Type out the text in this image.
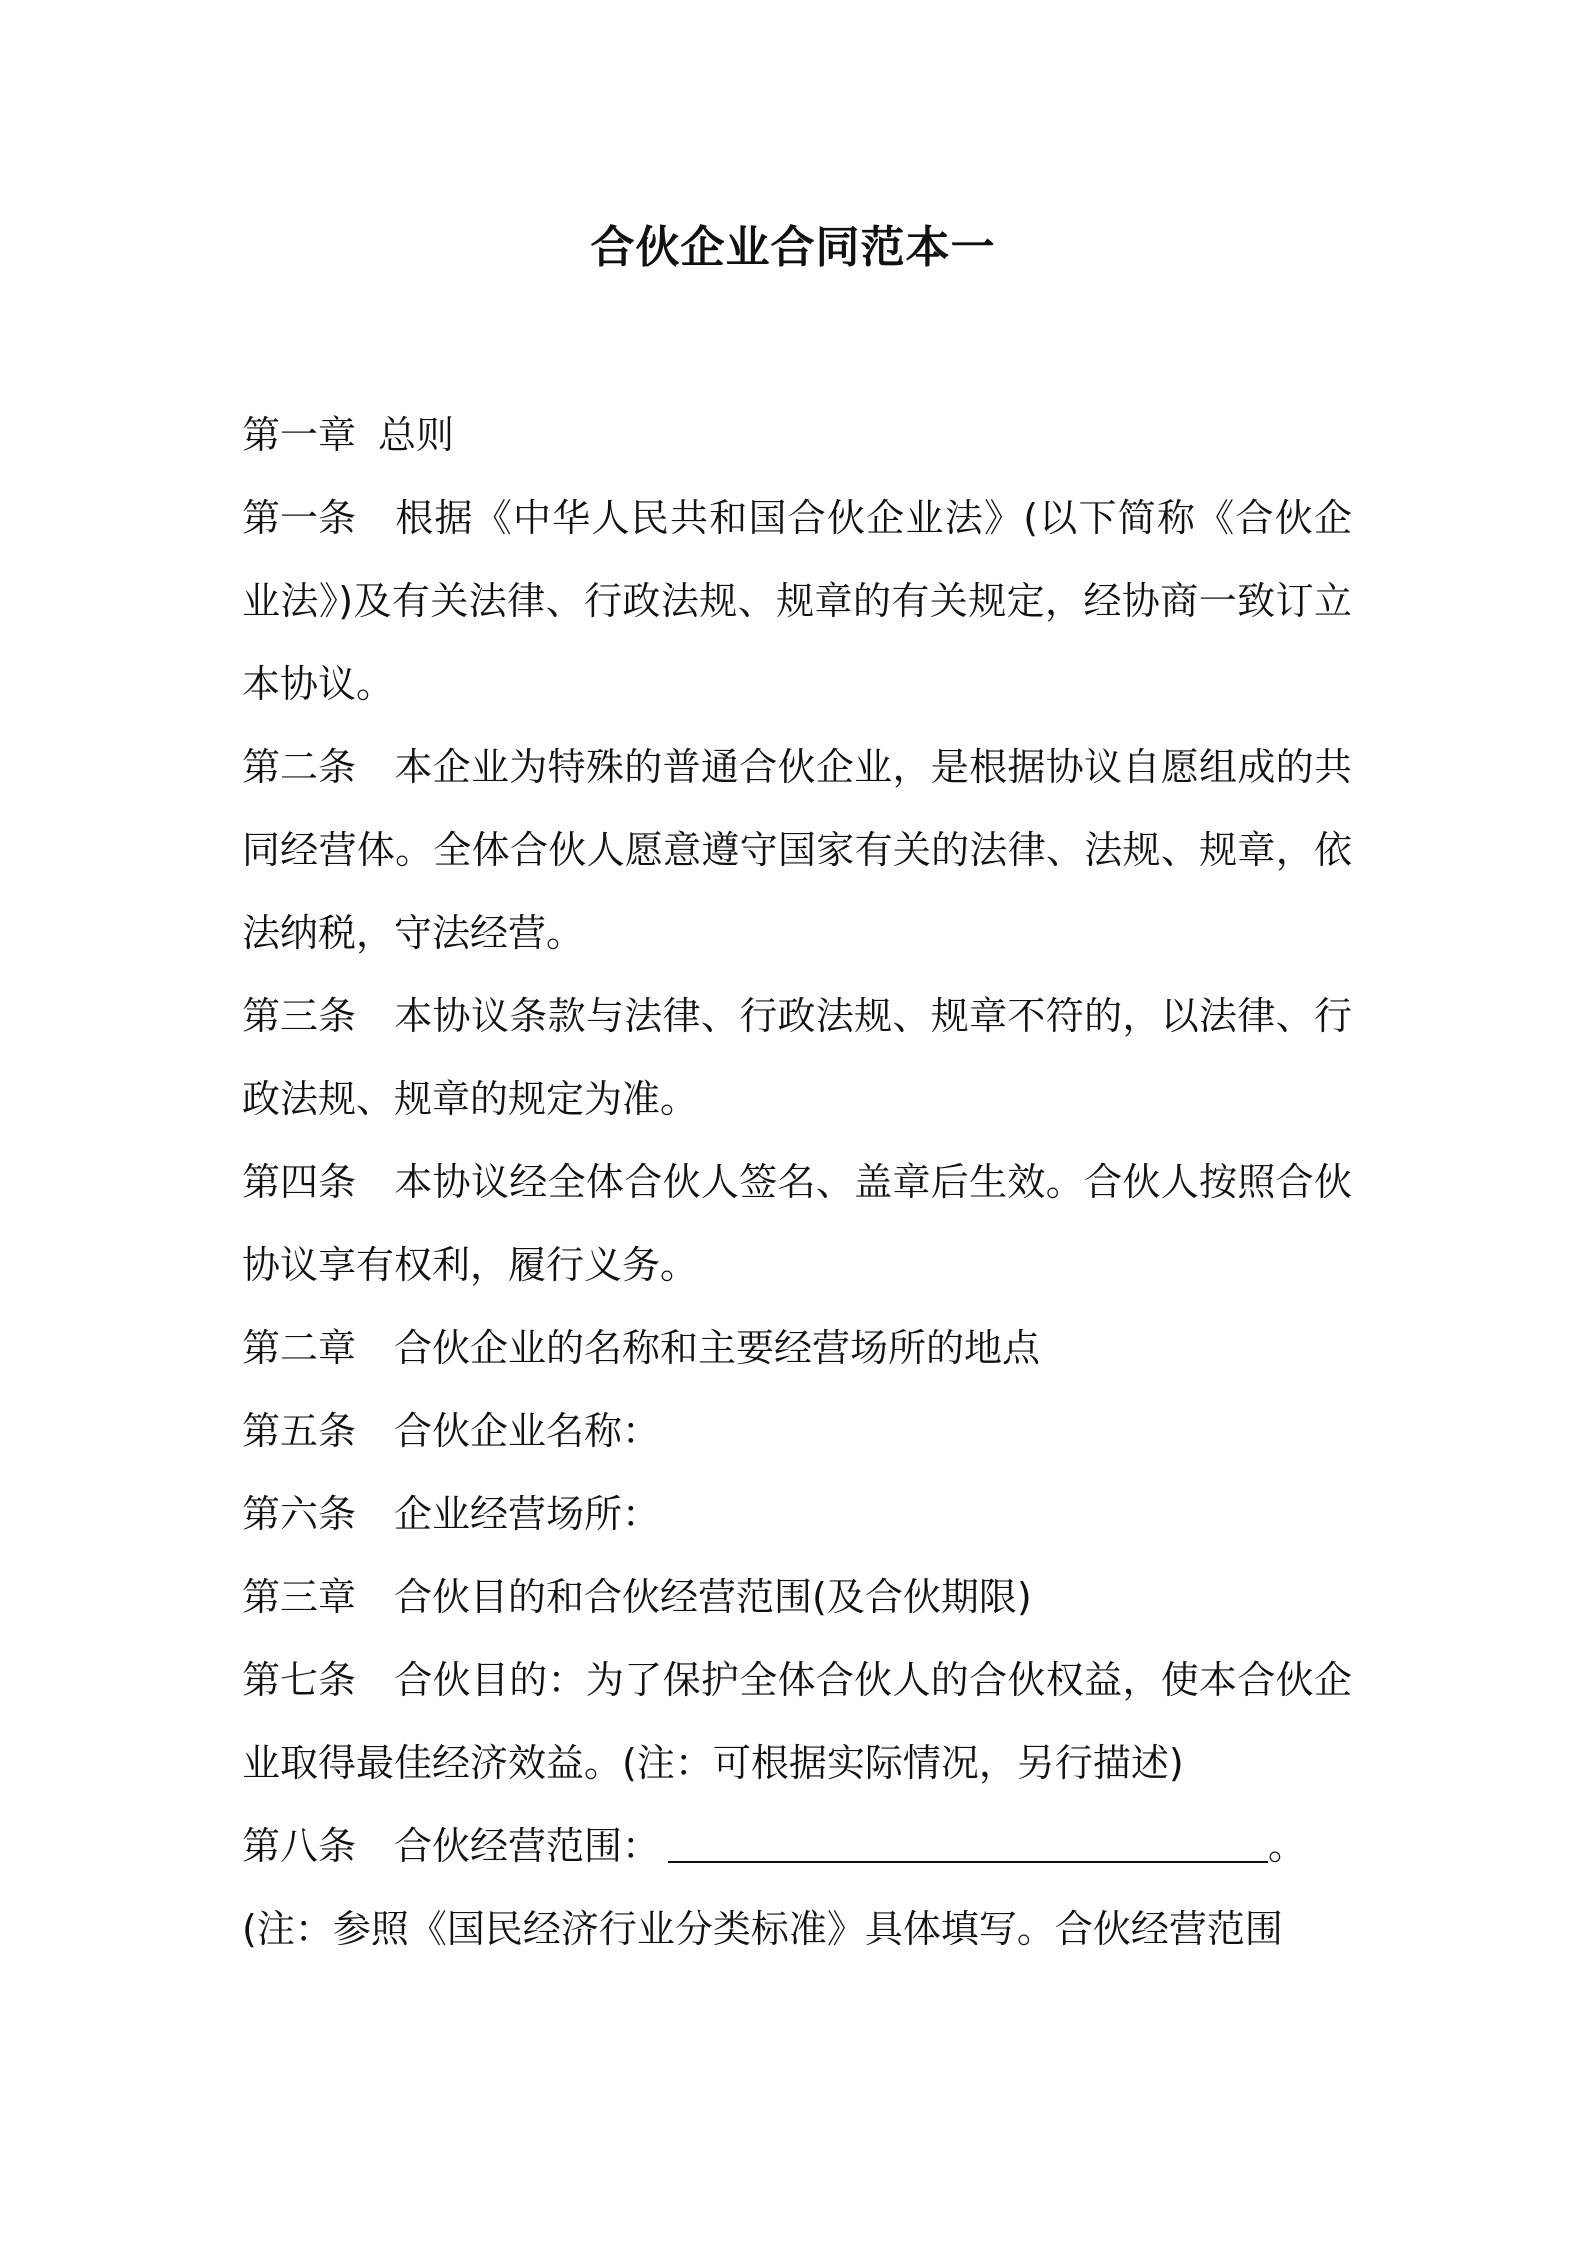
合伙企业合同范本一

第一章 总则

第一条 根据《中华人民共和国合伙企业法》(以下简称《合伙企业法》)及有关法律、行政法规、规章的有关规定，经协商一致订立本协议。

第二条 本企业为特殊的普通合伙企业，是根据协议自愿组成的共同经营体。全体合伙人愿意遵守国家有关的法律、法规、规章，依法纳税，守法经营。

第三条 本协议条款与法律、行政法规、规章不符的，以法律、行政法规、规章的规定为准。

第四条 本协议经全体合伙人签名、盖章后生效。合伙人按照合伙协议享有权利，履行义务。

第二章 合伙企业的名称和主要经营场所的地点

第五条 合伙企业名称：

第六条 企业经营场所：

第三章 合伙目的和合伙经营范围(及合伙期限)

第七条 合伙目的：为了保护全体合伙人的合伙权益，使本合伙企业取得最佳经济效益。(注：可根据实际情况，另行描述)

第八条 合伙经营范围：	。

(注：参照《国民经济行业分类标准》具体填写。合伙经营范围
